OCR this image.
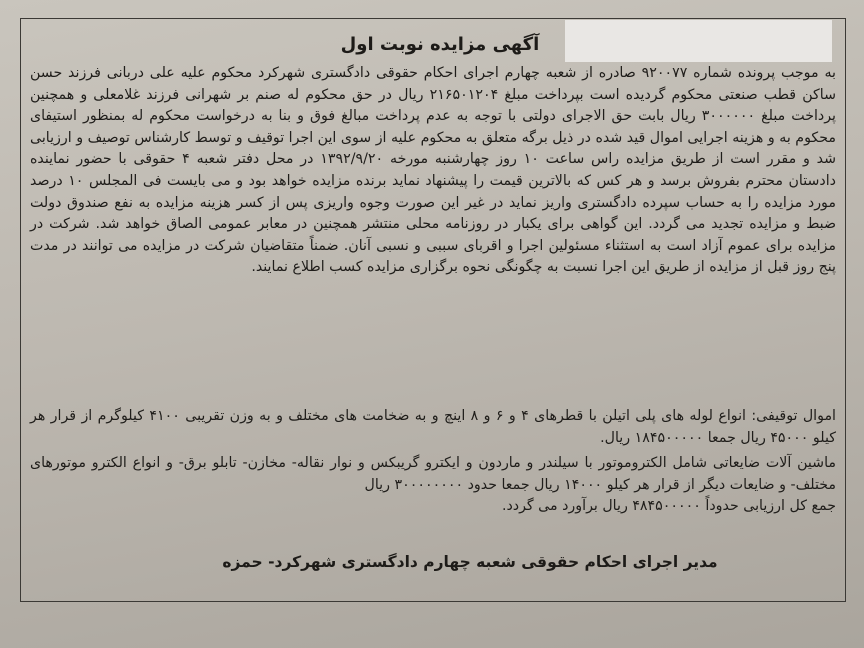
آگهی مزایده نوبت اول
به موجب پرونده شماره ۹۲۰۰۷۷ صادره از شعبه چهارم اجرای احکام حقوقی دادگستری شهرکرد محکوم علیه علی دربانی فرزند حسن ساکن قطب صنعتی محکوم گردیده است بپرداخت مبلغ ۲۱۶۵۰۱۲۰۴ ریال در حق محکوم له صنم بر شهرانی فرزند غلامعلی و همچنین پرداخت مبلغ ۳۰۰۰۰۰۰ ریال بابت حق الاجرای دولتی با توجه به عدم پرداخت مبالغ فوق و بنا به درخواست محکوم له بمنظور استیفای محکوم به و هزینه اجرایی اموال قید شده در ذیل برگه متعلق به محکوم علیه از سوی این اجرا توقیف و توسط کارشناس توصیف و ارزیابی شد و مقرر است از طریق مزایده راس ساعت ۱۰ روز چهارشنبه مورخه ۱۳۹۲/۹/۲۰ در محل دفتر شعبه ۴ حقوقی با حضور نماینده دادستان محترم بفروش برسد و هر کس که بالاترین قیمت را پیشنهاد نماید برنده مزایده خواهد بود و می بایست فی المجلس ۱۰ درصد مورد مزایده را به حساب سپرده دادگستری واریز نماید در غیر این صورت وجوه واریزی پس از کسر هزینه مزایده به نفع صندوق دولت ضبط و مزایده تجدید می گردد. این گواهی برای یکبار در روزنامه محلی منتشر همچنین در معابر عمومی الصاق خواهد شد. شرکت در مزایده برای عموم آزاد است به استثناء مسئولین اجرا و اقربای سببی و نسبی آنان. ضمناً متقاضیان شرکت در مزایده می توانند در مدت پنج روز قبل از مزایده از طریق این اجرا نسبت به چگونگی نحوه برگزاری مزایده کسب اطلاع نمایند.

اموال توقیفی: انواع لوله های پلی اتیلن با قطرهای ۴ و ۶ و ۸ اینچ و به ضخامت های مختلف و به وزن تقریبی ۴۱۰۰ کیلوگرم از قرار هر کیلو ۴۵۰۰۰ ریال جمعا ۱۸۴۵۰۰۰۰۰ ریال.

ماشین آلات ضایعاتی شامل الکتروموتور با سیلندر و ماردون و ایکترو گریبکس و نوار نقاله- مخازن- تابلو برق- و انواع الکترو موتورهای مختلف- و ضایعات دیگر از قرار هر کیلو ۱۴۰۰۰ ریال جمعا حدود ۳۰۰۰۰۰۰۰۰ ریال

جمع کل ارزیابی حدوداً ۴۸۴۵۰۰۰۰۰ ریال برآورد می گردد.

مدیر اجرای احکام حقوقی شعبه چهارم دادگستری شهرکرد- حمزه
